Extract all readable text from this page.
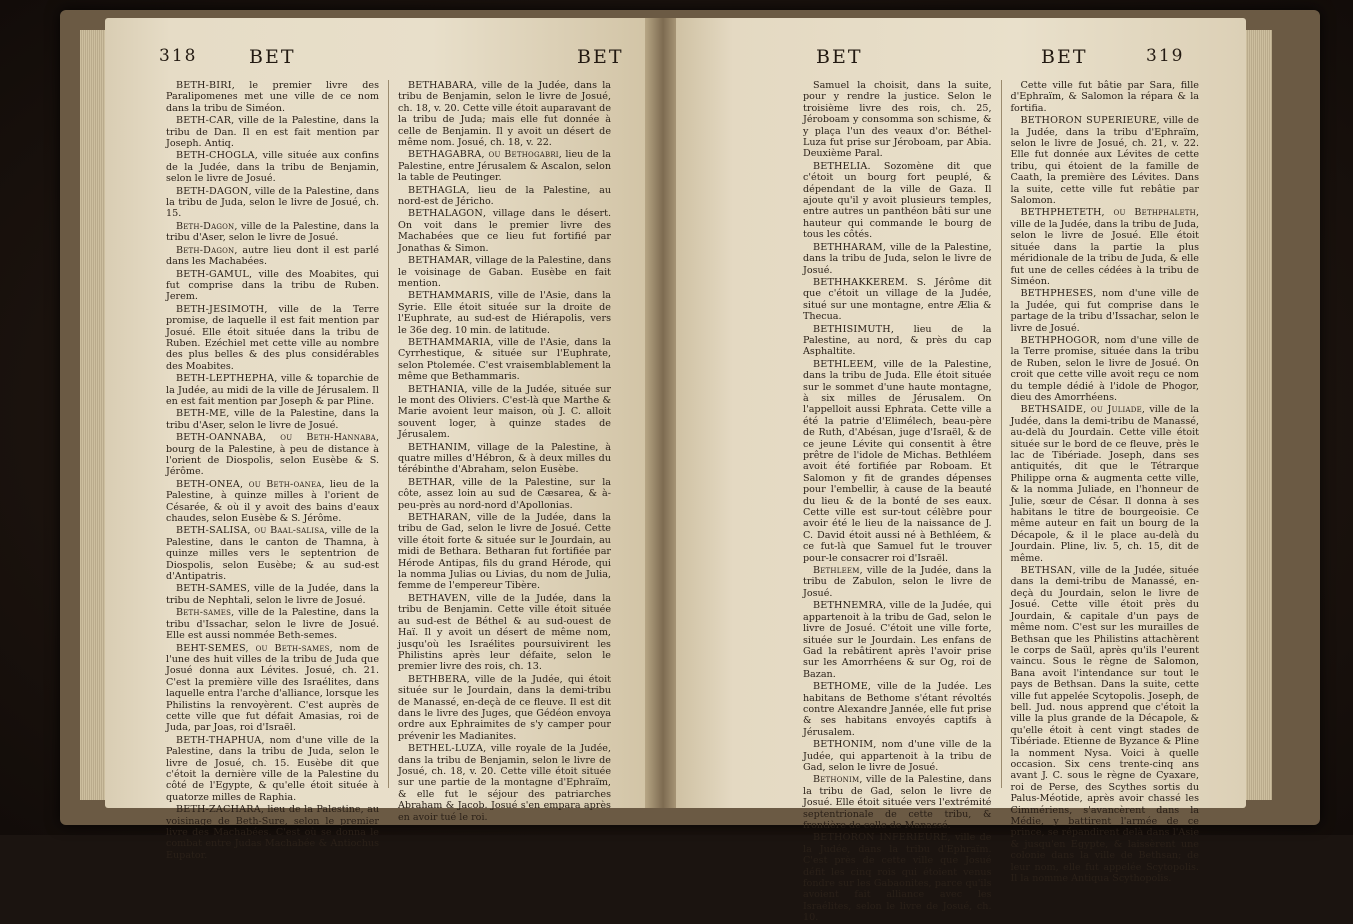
318	BET	BET

BETH-BIRI, le premier livre des Paralipomenes met une ville de ce nom dans la tribu de Siméon.

BETH-CAR, ville de la Palestine, dans la tribu de Dan. Il en est fait mention par Joseph. Antiq.

BETH-CHOGLA, ville située aux confins de la Judée, dans la tribu de Benjamin, selon le livre de Josué.

BETH-DAGON, ville de la Palestine, dans la tribu de Juda, selon le livre de Josué, ch. 15.

Beth-Dagon, ville de la Palestine, dans la tribu d'Aser, selon le livre de Josué.

Beth-Dagon, autre lieu dont il est parlé dans les Machabées.

BETH-GAMUL, ville des Moabites, qui fut comprise dans la tribu de Ruben. Jerem.

BETH-JESIMOTH, ville de la Terre promise, de laquelle il est fait mention par Josué. Elle étoit située dans la tribu de Ruben. Ezéchiel met cette ville au nombre des plus belles & des plus considérables des Moabites.

BETH-LEPTHEPHA, ville & toparchie de la Judée, au midi de la ville de Jérusalem. Il en est fait mention par Joseph & par Pline.

BETH-ME, ville de la Palestine, dans la tribu d'Aser, selon le livre de Josué.

BETH-OANNABA, ou Beth-Hannaba, bourg de la Palestine, à peu de distance à l'orient de Diospolis, selon Eusèbe & S. Jérôme.

BETH-ONEA, ou Beth-oanea, lieu de la Palestine, à quinze milles à l'orient de Césarée, & où il y avoit des bains d'eaux chaudes, selon Eusèbe & S. Jérôme.

BETH-SALISA, ou Baal-salisa, ville de la Palestine, dans le canton de Thamna, à quinze milles vers le septentrion de Diospolis, selon Eusèbe; & au sud-est d'Antipatris.

BETH-SAMES, ville de la Judée, dans la tribu de Nephtali, selon le livre de Josué.

Beth-sames, ville de la Palestine, dans la tribu d'Issachar, selon le livre de Josué. Elle est aussi nommée Beth-semes.

BEHT-SEMES, ou Beth-sames, nom de l'une des huit villes de la tribu de Juda que Josué donna aux Lévites. Josué, ch. 21. C'est la première ville des Israélites, dans laquelle entra l'arche d'alliance, lorsque les Philistins la renvoyèrent. C'est auprès de cette ville que fut défait Amasias, roi de Juda, par Joas, roi d'Israël.

BETH-THAPHUA, nom d'une ville de la Palestine, dans la tribu de Juda, selon le livre de Josué, ch. 15. Eusèbe dit que c'étoit la dernière ville de la Palestine du côté de l'Egypte, & qu'elle étoit située à quatorze milles de Raphia.

BETH-ZACHARA, lieu de la Palestine, au voisinage de Beth-Sure, selon le premier livre des Machabées. C'est où se donna le combat entre Judas Machabée & Antiochus Eupator.

BETHABARA, ville de la Judée, dans la tribu de Benjamin, selon le livre de Josué, ch. 18, v. 20. Cette ville étoit auparavant de la tribu de Juda; mais elle fut donnée à celle de Benjamin. Il y avoit un désert de même nom. Josué, ch. 18, v. 22.

BETHAGABRA, ou Bethogabri, lieu de la Palestine, entre Jérusalem & Ascalon, selon la table de Peutinger.

BETHAGLA, lieu de la Palestine, au nord-est de Jéricho.

BETHALAGON, village dans le désert. On voit dans le premier livre des Machabées que ce lieu fut fortifié par Jonathas & Simon.

BETHAMAR, village de la Palestine, dans le voisinage de Gaban. Eusèbe en fait mention.

BETHAMMARIS, ville de l'Asie, dans la Syrie. Elle étoit située sur la droite de l'Euphrate, au sud-est de Hiérapolis, vers le 36e deg. 10 min. de latitude.

BETHAMMARIA, ville de l'Asie, dans la Cyrrhestique, & située sur l'Euphrate, selon Ptolemée. C'est vraisemblablement la même que Bethammaris.

BETHANIA, ville de la Judée, située sur le mont des Oliviers. C'est-là que Marthe & Marie avoient leur maison, où J. C. alloit souvent loger, à quinze stades de Jérusalem.

BETHANIM, village de la Palestine, à quatre milles d'Hébron, & à deux milles du térébinthe d'Abraham, selon Eusèbe.

BETHAR, ville de la Palestine, sur la côte, assez loin au sud de Cæsarea, & à-peu-près au nord-nord d'Apollonias.

BETHARAN, ville de la Judée, dans la tribu de Gad, selon le livre de Josué. Cette ville étoit forte & située sur le Jourdain, au midi de Bethara. Betharan fut fortifiée par Hérode Antipas, fils du grand Hérode, qui la nomma Julias ou Livias, du nom de Julia, femme de l'empereur Tibère.

BETHAVEN, ville de la Judée, dans la tribu de Benjamin. Cette ville étoit située au sud-est de Béthel & au sud-ouest de Haï. Il y avoit un désert de même nom, jusqu'où les Israélites poursuivirent les Philistins après leur défaite, selon le premier livre des rois, ch. 13.

BETHBERA, ville de la Judée, qui étoit située sur le Jourdain, dans la demi-tribu de Manassé, en-deçà de ce fleuve. Il est dit dans le livre des Juges, que Gédéon envoya ordre aux Ephraimites de s'y camper pour prévenir les Madianites.

BETHEL-LUZA, ville royale de la Judée, dans la tribu de Benjamin, selon le livre de Josué, ch. 18, v. 20. Cette ville étoit située sur une partie de la montagne d'Ephraïm, & elle fut le séjour des patriarches Abraham & Jacob. Josué s'en empara après en avoir tué le roi.

BET	BET	319

Samuel la choisit, dans la suite, pour y rendre la justice. Selon le troisième livre des rois, ch. 25, Jéroboam y consomma son schisme, & y plaça l'un des veaux d'or. Béthel-Luza fut prise sur Jéroboam, par Abia. Deuxième Paral.

BETHELIA. Sozomène dit que c'étoit un bourg fort peuplé, & dépendant de la ville de Gaza. Il ajoute qu'il y avoit plusieurs temples, entre autres un panthéon bâti sur une hauteur qui commande le bourg de tous les côtés.

BETHHARAM, ville de la Palestine, dans la tribu de Juda, selon le livre de Josué.

BETHHAKKEREM. S. Jérôme dit que c'étoit un village de la Judée, situé sur une montagne, entre Ælia & Thecua.

BETHISIMUTH, lieu de la Palestine, au nord, & près du cap Asphaltite.

BETHLEEM, ville de la Palestine, dans la tribu de Juda. Elle étoit située sur le sommet d'une haute montagne, à six milles de Jérusalem. On l'appelloit aussi Ephrata. Cette ville a été la patrie d'Elimélech, beau-père de Ruth, d'Abésan, juge d'Israël, & de ce jeune Lévite qui consentit à être prêtre de l'idole de Michas. Bethléem avoit été fortifiée par Roboam. Et Salomon y fit de grandes dépenses pour l'embellir, à cause de la beauté du lieu & de la bonté de ses eaux. Cette ville est sur-tout célèbre pour avoir été le lieu de la naissance de J. C. David étoit aussi né à Bethléem, & ce fut-là que Samuel fut le trouver pour-le consacrer roi d'Israël.

Bethleem, ville de la Judée, dans la tribu de Zabulon, selon le livre de Josué.

BETHNEMRA, ville de la Judée, qui appartenoit à la tribu de Gad, selon le livre de Josué. C'étoit une ville forte, située sur le Jourdain. Les enfans de Gad la rebâtirent après l'avoir prise sur les Amorrhéens & sur Og, roi de Bazan.

BETHOME, ville de la Judée. Les habitans de Bethome s'étant révoltés contre Alexandre Jannée, elle fut prise & ses habitans envoyés captifs à Jérusalem.

BETHONIM, nom d'une ville de la Judée, qui appartenoit à la tribu de Gad, selon le livre de Josué.

Bethonim, ville de la Palestine, dans la tribu de Gad, selon le livre de Josué. Elle étoit située vers l'extrémité septentrionale de cette tribu, & frontière de celle de Manassé.

BETHORON INFERIEURE, ville de la Judée, dans la tribu d'Ephraïm. C'est près de cette ville que Josué défit les cinq rois qui étoient venus fondre sur les Gabaonites, parce qu'ils avoient fait alliance avec les Israélites, selon le livre de Josué, ch. 10.

Cette ville fut bâtie par Sara, fille d'Ephraïm, & Salomon la répara & la fortifia.

BETHORON SUPERIEURE, ville de la Judée, dans la tribu d'Ephraïm, selon le livre de Josué, ch. 21, v. 22. Elle fut donnée aux Lévites de cette tribu, qui étoient de la famille de Caath, la première des Lévites. Dans la suite, cette ville fut rebâtie par Salomon.

BETHPHETETH, ou Bethphaleth, ville de la Judée, dans la tribu de Juda, selon le livre de Josué. Elle étoit située dans la partie la plus méridionale de la tribu de Juda, & elle fut une de celles cédées à la tribu de Siméon.

BETHPHESES, nom d'une ville de la Judée, qui fut comprise dans le partage de la tribu d'Issachar, selon le livre de Josué.

BETHPHOGOR, nom d'une ville de la Terre promise, située dans la tribu de Ruben, selon le livre de Josué. On croit que cette ville avoit reçu ce nom du temple dédié à l'idole de Phogor, dieu des Amorrhéens.

BETHSAIDE, ou Juliade, ville de la Judée, dans la demi-tribu de Manassé, au-delà du Jourdain. Cette ville étoit située sur le bord de ce fleuve, près le lac de Tibériade. Joseph, dans ses antiquités, dit que le Tétrarque Philippe orna & augmenta cette ville, & la nomma Juliade, en l'honneur de Julie, sœur de César. Il donna à ses habitans le titre de bourgeoisie. Ce même auteur en fait un bourg de la Décapole, & il le place au-delà du Jourdain. Pline, liv. 5, ch. 15, dit de même.

BETHSAN, ville de la Judée, située dans la demi-tribu de Manassé, en-deçà du Jourdain, selon le livre de Josué. Cette ville étoit près du Jourdain, & capitale d'un pays de même nom. C'est sur les murailles de Bethsan que les Philistins attachèrent le corps de Saül, après qu'ils l'eurent vaincu. Sous le règne de Salomon, Bana avoit l'intendance sur tout le pays de Bethsan. Dans la suite, cette ville fut appelée Scytopolis. Joseph, de bell. Jud. nous apprend que c'étoit la ville la plus grande de la Décapole, & qu'elle étoit à cent vingt stades de Tibériade. Etienne de Byzance & Pline la nomment Nysa. Voici à quelle occasion. Six cens trente-cinq ans avant J. C. sous le règne de Cyaxare, roi de Perse, des Scythes sortis du Palus-Méotide, après avoir chassé les Cimmériens, s'avancèrent dans la Médie, y battirent l'armée de ce prince, se répandirent delà dans l'Asie & jusqu'en Egypte, & laissèrent une colonie dans la ville de Bethsan; de leur nom, elle fut appelée Scytopolis. Il la nomme Antiqua Scythopolis.
